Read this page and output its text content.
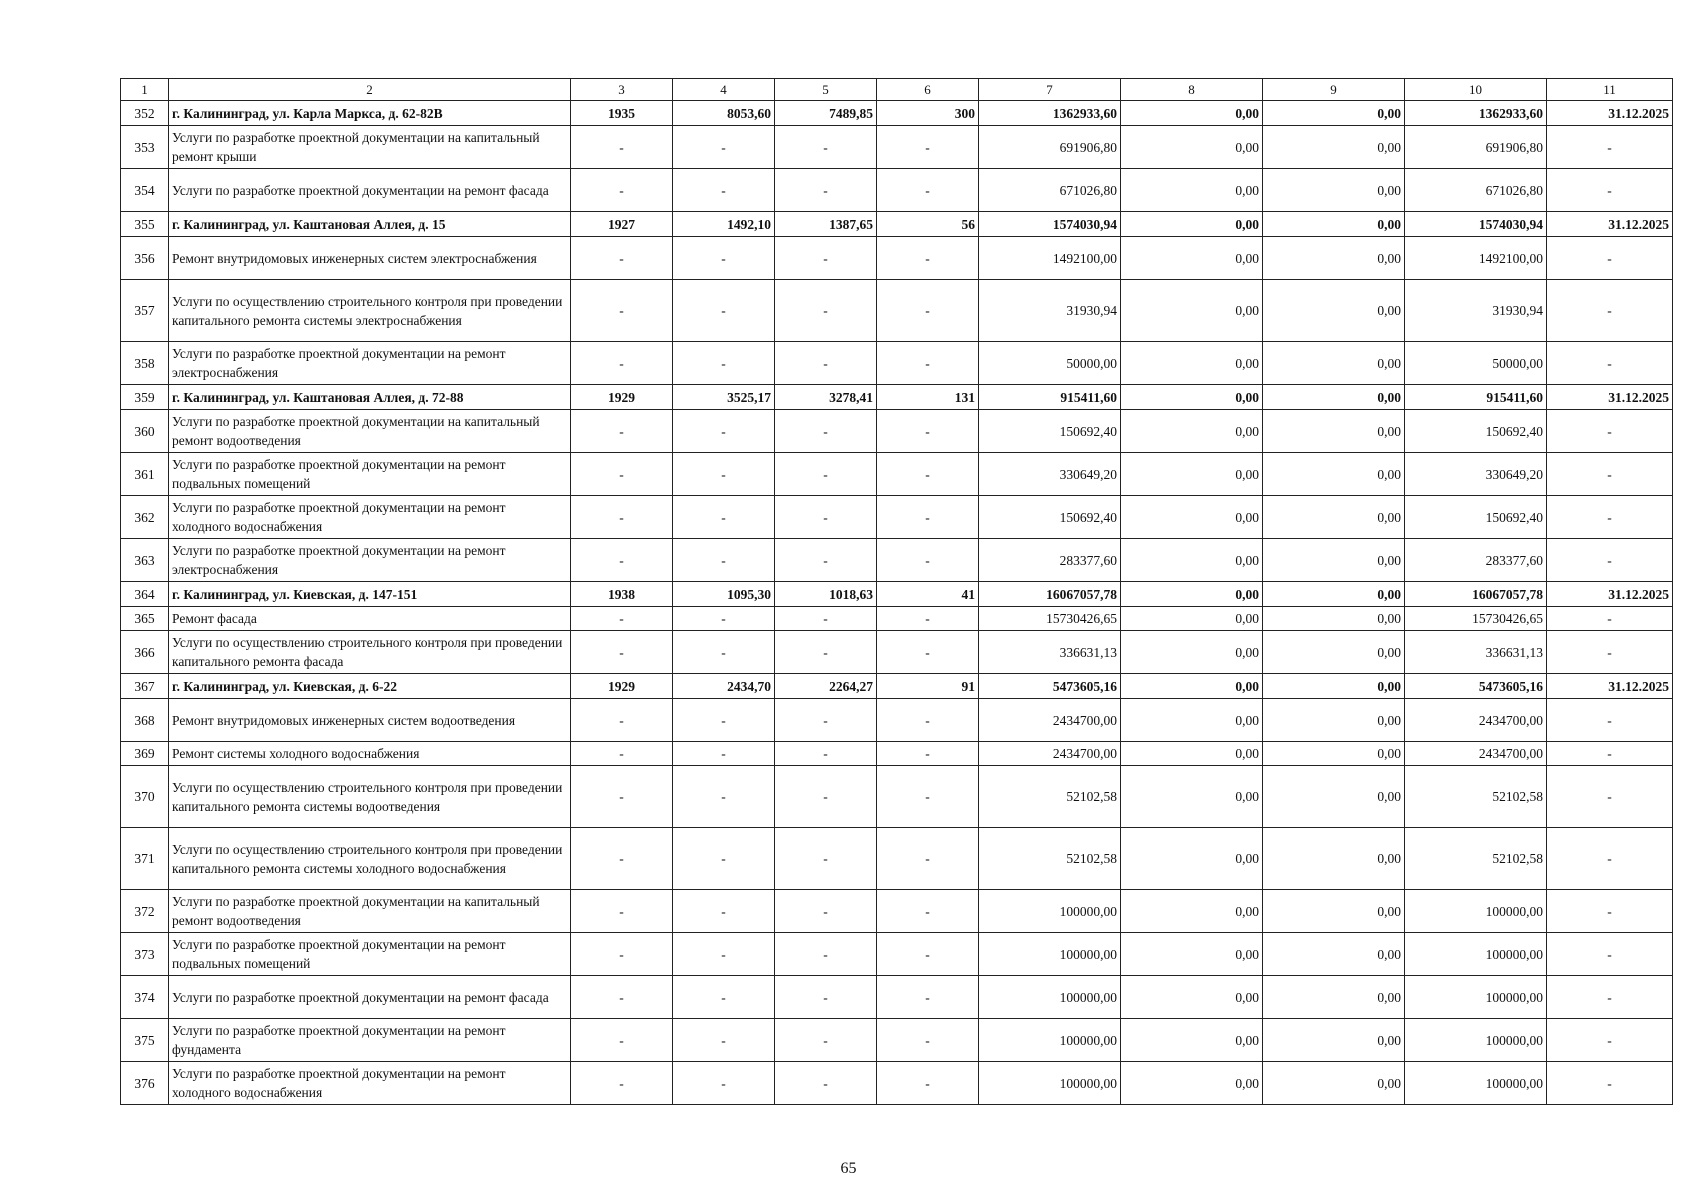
1	2	3	4	5	6	7	8	9	10	11
352	г. Калининград, ул. Карла Маркса, д. 62-82В	1935	8053,60	7489,85	300	1362933,60	0,00	0,00	1362933,60	31.12.2025
353	Услуги по разработке проектной документации на капитальный ремонт крыши	-	-	-	-	691906,80	0,00	0,00	691906,80	-
354	Услуги по разработке проектной документации на ремонт фасада	-	-	-	-	671026,80	0,00	0,00	671026,80	-
355	г. Калининград, ул. Каштановая Аллея, д. 15	1927	1492,10	1387,65	56	1574030,94	0,00	0,00	1574030,94	31.12.2025
356	Ремонт внутридомовых инженерных систем электроснабжения	-	-	-	-	1492100,00	0,00	0,00	1492100,00	-
357	Услуги по осуществлению строительного контроля при проведении капитального ремонта системы электроснабжения	-	-	-	-	31930,94	0,00	0,00	31930,94	-
358	Услуги по разработке проектной документации на ремонт электроснабжения	-	-	-	-	50000,00	0,00	0,00	50000,00	-
359	г. Калининград, ул. Каштановая Аллея, д. 72-88	1929	3525,17	3278,41	131	915411,60	0,00	0,00	915411,60	31.12.2025
360	Услуги по разработке проектной документации на капитальный ремонт водоотведения	-	-	-	-	150692,40	0,00	0,00	150692,40	-
361	Услуги по разработке проектной документации на ремонт подвальных помещений	-	-	-	-	330649,20	0,00	0,00	330649,20	-
362	Услуги по разработке проектной документации на ремонт холодного водоснабжения	-	-	-	-	150692,40	0,00	0,00	150692,40	-
363	Услуги по разработке проектной документации на ремонт электроснабжения	-	-	-	-	283377,60	0,00	0,00	283377,60	-
364	г. Калининград, ул. Киевская, д. 147-151	1938	1095,30	1018,63	41	16067057,78	0,00	0,00	16067057,78	31.12.2025
365	Ремонт фасада	-	-	-	-	15730426,65	0,00	0,00	15730426,65	-
366	Услуги по осуществлению строительного контроля при проведении капитального ремонта фасада	-	-	-	-	336631,13	0,00	0,00	336631,13	-
367	г. Калининград, ул. Киевская, д. 6-22	1929	2434,70	2264,27	91	5473605,16	0,00	0,00	5473605,16	31.12.2025
368	Ремонт внутридомовых инженерных систем водоотведения	-	-	-	-	2434700,00	0,00	0,00	2434700,00	-
369	Ремонт системы холодного водоснабжения	-	-	-	-	2434700,00	0,00	0,00	2434700,00	-
370	Услуги по осуществлению строительного контроля при проведении капитального ремонта системы водоотведения	-	-	-	-	52102,58	0,00	0,00	52102,58	-
371	Услуги по осуществлению строительного контроля при проведении капитального ремонта системы холодного водоснабжения	-	-	-	-	52102,58	0,00	0,00	52102,58	-
372	Услуги по разработке проектной документации на капитальный ремонт водоотведения	-	-	-	-	100000,00	0,00	0,00	100000,00	-
373	Услуги по разработке проектной документации на ремонт подвальных помещений	-	-	-	-	100000,00	0,00	0,00	100000,00	-
374	Услуги по разработке проектной документации на ремонт фасада	-	-	-	-	100000,00	0,00	0,00	100000,00	-
375	Услуги по разработке проектной документации на ремонт фундамента	-	-	-	-	100000,00	0,00	0,00	100000,00	-
376	Услуги по разработке проектной документации на ремонт холодного водоснабжения	-	-	-	-	100000,00	0,00	0,00	100000,00	-
65
